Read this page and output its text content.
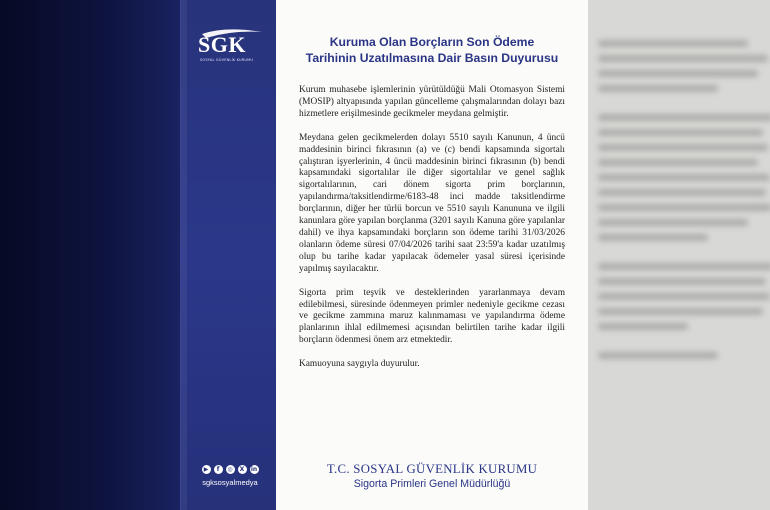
SGK
SOSYAL GÜVENLİK KURUMU
▶	f	◎	X	in
sgksosyalmedya
Kuruma Olan Borçların Son Ödeme
Tarihinin Uzatılmasına Dair Basın Duyurusu

Kurum muhasebe işlemlerinin yürütüldüğü Mali Otomasyon Sistemi (MOSIP) altyapısında yapılan güncelleme çalışmalarından dolayı bazı hizmetlere erişilmesinde gecikmeler meydana gelmiştir.

Meydana gelen gecikmelerden dolayı 5510 sayılı Kanunun, 4 üncü maddesinin birinci fıkrasının (a) ve (c) bendi kapsamında sigortalı çalıştıran işyerlerinin, 4 üncü maddesinin birinci fıkrasının (b) bendi kapsamındaki sigortalılar ile diğer sigortalılar ve genel sağlık sigortalılarının, cari dönem sigorta prim borçlarının, yapılandırma/taksitlendirme/6183-48 inci madde taksitlendirme borçlarının, diğer her türlü borcun ve 5510 sayılı Kanununa ve ilgili kanunlara göre yapılan borçlanma (3201 sayılı Kanuna göre yapılanlar dahil) ve ihya kapsamındaki borçların son ödeme tarihi 31/03/2026 olanların ödeme süresi 07/04/2026 tarihi saat 23:59'a kadar uzatılmış olup bu tarihe kadar yapılacak ödemeler yasal süresi içerisinde yapılmış sayılacaktır.

Sigorta prim teşvik ve desteklerinden yararlanmaya devam edilebilmesi, süresinde ödenmeyen primler nedeniyle gecikme cezası ve gecikme zammına maruz kalınmaması ve yapılandırma ödeme planlarının ihlal edilmemesi açısından belirtilen tarihe kadar ilgili borçların ödenmesi önem arz etmektedir.

Kamuoyuna saygıyla duyurulur.

T.C. SOSYAL GÜVENLİK KURUMU
Sigorta Primleri Genel Müdürlüğü
